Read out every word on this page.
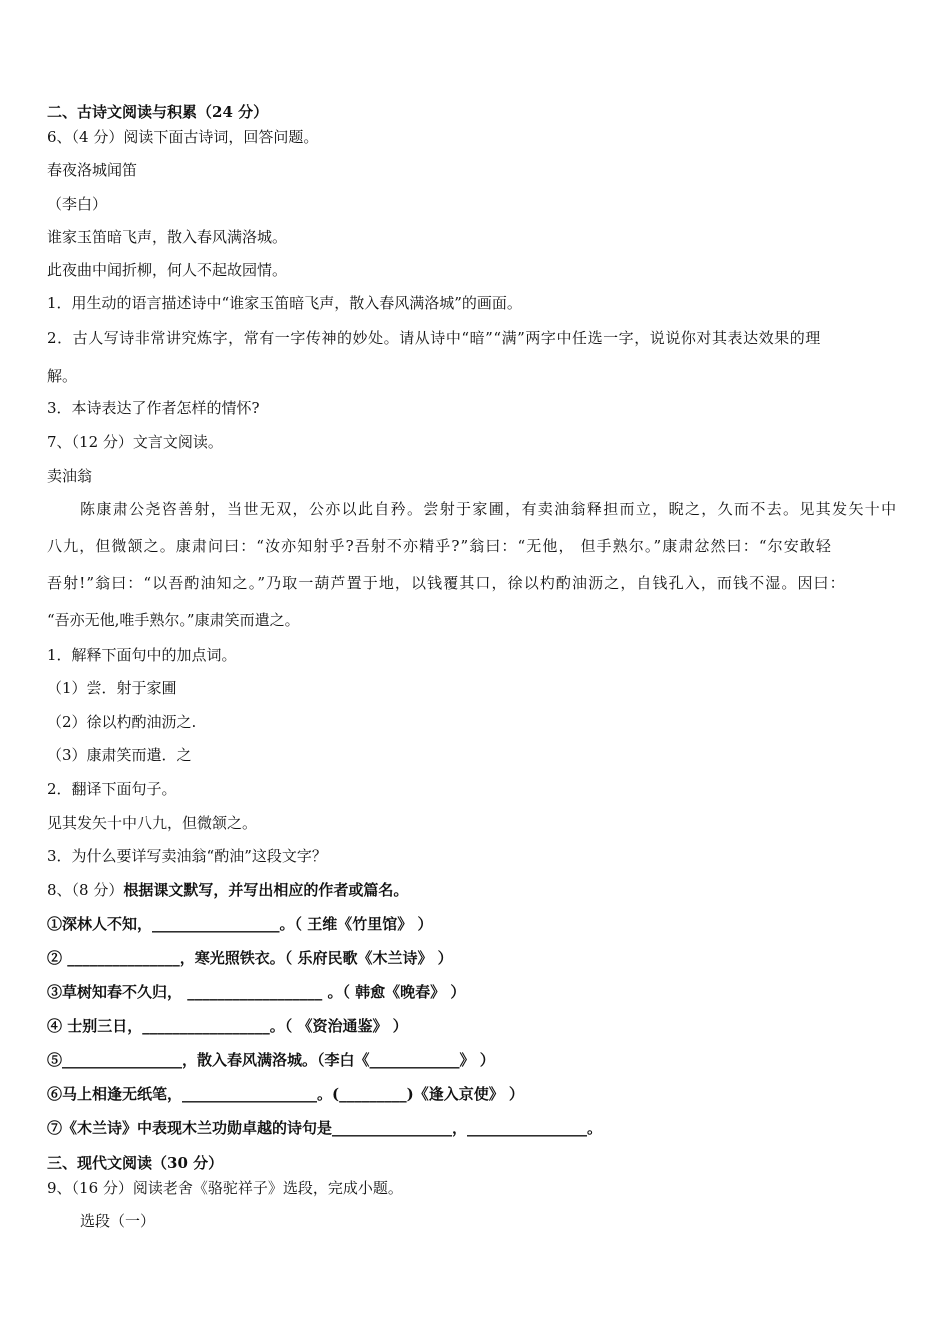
二、古诗文阅读与积累（24 分）
6、（4 分）阅读下面古诗词，回答问题。
春夜洛城闻笛
（李白）
谁家玉笛暗飞声，散入春风满洛城。
此夜曲中闻折柳，何人不起故园情。
1．用生动的语言描述诗中“谁家玉笛暗飞声，散入春风满洛城”的画面。
2．古人写诗非常讲究炼字，常有一字传神的妙处。请从诗中“暗”“满”两字中任选一字，说说你对其表达效果的理
解。
3．本诗表达了作者怎样的情怀?
7、（12 分）文言文阅读。
卖油翁
陈康肃公尧咨善射，当世无双，公亦以此自矜。尝射于家圃，有卖油翁释担而立，睨之，久而不去。见其发矢十中
八九，但微颔之。康肃问曰：“汝亦知射乎?吾射不亦精乎?”翁曰：“无他， 但手熟尔。”康肃忿然曰：“尔安敢轻
吾射!”翁曰：“以吾酌油知之。”乃取一葫芦置于地，以钱覆其口，徐以杓酌油沥之，自钱孔入，而钱不湿。因曰：
“吾亦无他,唯手熟尔。”康肃笑而遣之。
1．解释下面句中的加点词。
（1）尝．射于家圃
（2）徐以杓酌油沥之.
（3）康肃笑而遣．之
2．翻译下面句子。
见其发矢十中八九，但微颔之。
3．为什么要详写卖油翁“酌油”这段文字？
8、（8 分）根据课文默写，并写出相应的作者或篇名。
①深林人不知，_________________。（ 王维《竹里馆》 ）
② _______________，寒光照铁衣。（ 乐府民歌《木兰诗》 ）
③草树知春不久归， __________________ 。（ 韩愈《晚春》 ）
④ 士别三日，_________________。（ 《资治通鉴》 ）
⑤________________，散入春风满洛城。（李白《____________》 ）
⑥马上相逢无纸笔，__________________。(_________)《逢入京使》 ）
⑦《木兰诗》中表现木兰功勋卓越的诗句是________________，________________。
三、现代文阅读（30 分）
9、（16 分）阅读老舍《骆驼祥子》选段，完成小题。
选段（一）
